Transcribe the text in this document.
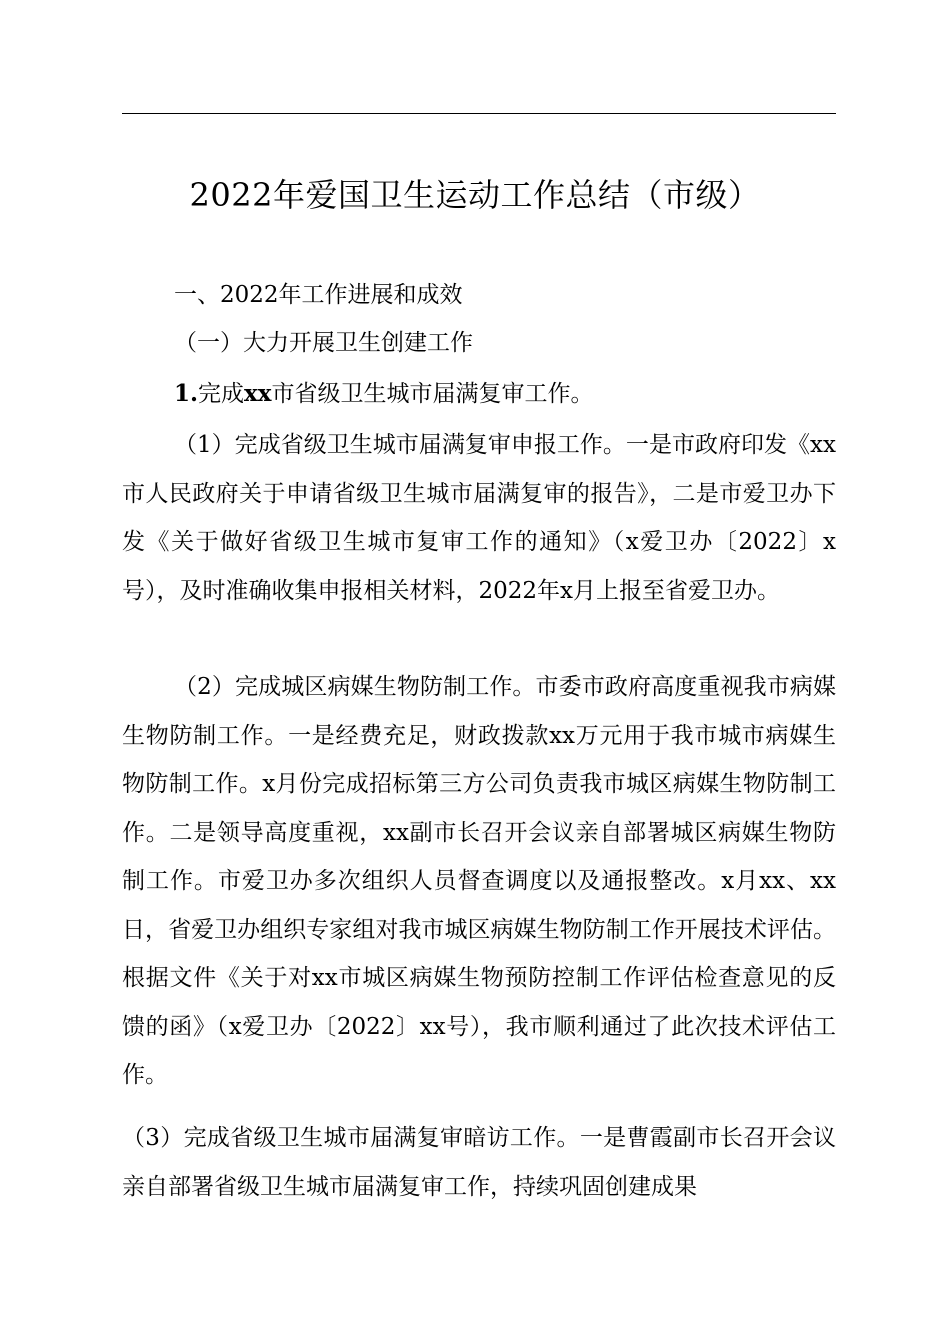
2022年爱国卫生运动工作总结（市级）
一、2022年工作进展和成效
（一）大力开展卫生创建工作
1.完成xx市省级卫生城市届满复审工作。

（1）完成省级卫生城市届满复审申报工作。一是市政府印发《xx市人民政府关于申请省级卫生城市届满复审的报告》，二是市爱卫办下发《关于做好省级卫生城市复审工作的通知》（x爱卫办〔2022〕x号），及时准确收集申报相关材料，2022年x月上报至省爱卫办。

（2）完成城区病媒生物防制工作。市委市政府高度重视我市病媒生物防制工作。一是经费充足，财政拨款xx万元用于我市城市病媒生物防制工作。x月份完成招标第三方公司负责我市城区病媒生物防制工作。二是领导高度重视，xx副市长召开会议亲自部署城区病媒生物防制工作。市爱卫办多次组织人员督查调度以及通报整改。x月xx、xx日，省爱卫办组织专家组对我市城区病媒生物防制工作开展技术评估。根据文件《关于对xx市城区病媒生物预防控制工作评估检查意见的反馈的函》（x爱卫办〔2022〕xx号），我市顺利通过了此次技术评估工作。

（3）完成省级卫生城市届满复审暗访工作。一是曹霞副市长召开会议亲自部署省级卫生城市届满复审工作，持续巩固创建成果
